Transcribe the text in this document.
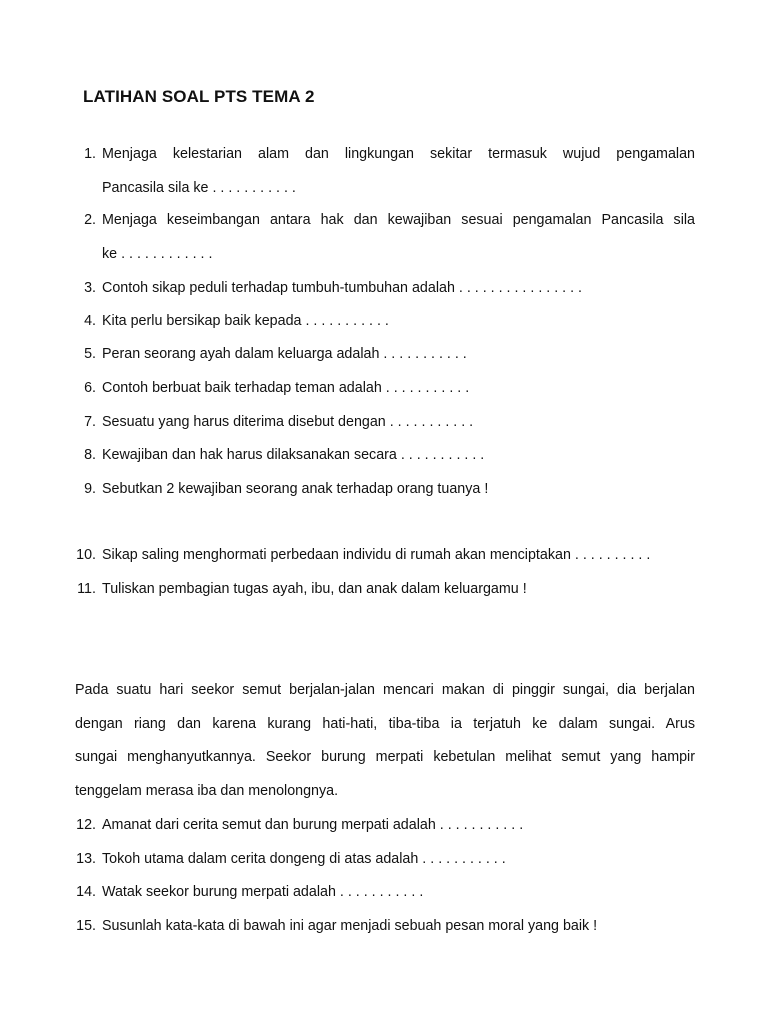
LATIHAN SOAL PTS TEMA 2
1. Menjaga kelestarian alam dan lingkungan sekitar termasuk wujud pengamalan
Pancasila sila ke . . . . . . . . . . .
2. Menjaga keseimbangan antara hak dan kewajiban sesuai pengamalan Pancasila sila
ke . . . . . . . . . . . .
3. Contoh sikap peduli terhadap tumbuh-tumbuhan adalah . . . . . . . . . . . . . . . .
4. Kita perlu bersikap baik kepada . . . . . . . . . . .
5. Peran seorang ayah dalam keluarga adalah . . . . . . . . . . .
6. Contoh berbuat baik terhadap teman adalah . . . . . . . . . . .
7. Sesuatu yang harus diterima disebut dengan . . . . . . . . . . .
8. Kewajiban dan hak harus dilaksanakan secara . . . . . . . . . . .
9. Sebutkan 2 kewajiban seorang anak terhadap orang tuanya !
10. Sikap saling menghormati perbedaan individu di rumah akan menciptakan . . . . . . . . . .
11. Tuliskan pembagian tugas ayah, ibu, dan anak dalam keluargamu !
Pada suatu hari seekor semut berjalan-jalan mencari makan di pinggir sungai, dia berjalan
dengan riang dan karena kurang hati-hati, tiba-tiba ia terjatuh ke dalam sungai. Arus
sungai menghanyutkannya. Seekor burung merpati kebetulan melihat semut yang hampir
tenggelam merasa iba dan menolongnya.
12. Amanat dari cerita semut dan burung merpati adalah . . . . . . . . . . .
13. Tokoh utama dalam cerita dongeng di atas adalah . . . . . . . . . . .
14. Watak seekor burung merpati adalah . . . . . . . . . . .
15. Susunlah kata-kata di bawah ini agar menjadi sebuah pesan moral yang baik !
